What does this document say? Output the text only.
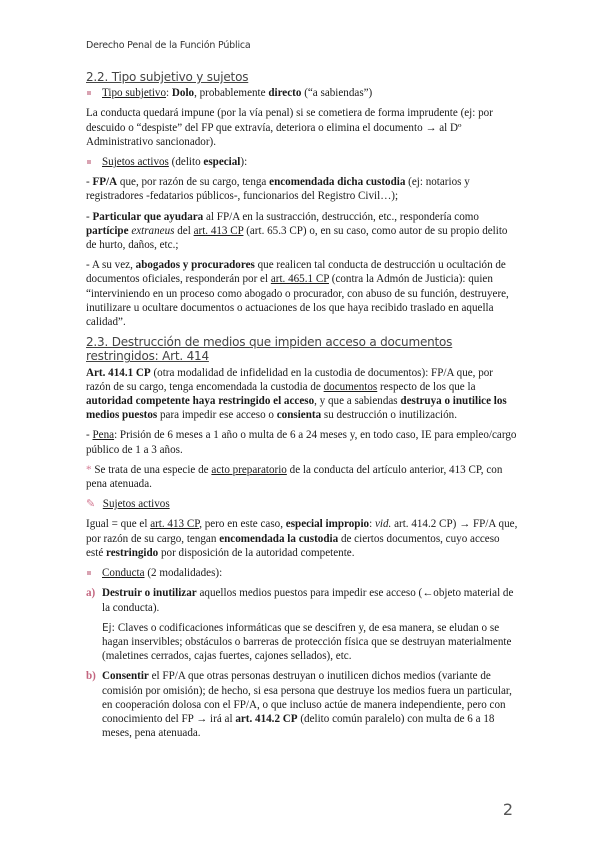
Derecho Penal de la Función Pública
2.2. Tipo subjetivo y sujetos
Tipo subjetivo: Dolo, probablemente directo (“a sabiendas”)
La conducta quedará impune (por la vía penal) si se cometiera de forma imprudente (ej: por descuido o “despiste” del FP que extravía, deteriora o elimina el documento → al Dº Administrativo sancionador).
Sujetos activos (delito especial):
- FP/A que, por razón de su cargo, tenga encomendada dicha custodia (ej: notarios y registradores -fedatarios públicos-, funcionarios del Registro Civil…);
- Particular que ayudara al FP/A en la sustracción, destrucción, etc., respondería como partícipe extraneus del art. 413 CP (art. 65.3 CP) o, en su caso, como autor de su propio delito de hurto, daños, etc.;
- A su vez, abogados y procuradores que realicen tal conducta de destrucción u ocultación de documentos oficiales, responderán por el art. 465.1 CP (contra la Admón de Justicia): quien “interviniendo en un proceso como abogado o procurador, con abuso de su función, destruyere, inutilizare u ocultare documentos o actuaciones de los que haya recibido traslado en aquella calidad”.
2.3. Destrucción de medios que impiden acceso a documentos restringidos: Art. 414
Art. 414.1 CP (otra modalidad de infidelidad en la custodia de documentos): FP/A que, por razón de su cargo, tenga encomendada la custodia de documentos respecto de los que la autoridad competente haya restringido el acceso, y que a sabiendas destruya o inutilice los medios puestos para impedir ese acceso o consienta su destrucción o inutilización.
- Pena: Prisión de 6 meses a 1 año o multa de 6 a 24 meses y, en todo caso, IE para empleo/cargo público de 1 a 3 años.
* Se trata de una especie de acto preparatorio de la conducta del artículo anterior, 413 CP, con pena atenuada.
✎ Sujetos activos
Igual = que el art. 413 CP, pero en este caso, especial impropio: vid. art. 414.2 CP) → FP/A que, por razón de su cargo, tengan encomendada la custodia de ciertos documentos, cuyo acceso esté restringido por disposición de la autoridad competente.
Conducta (2 modalidades):
a) Destruir o inutilizar aquellos medios puestos para impedir ese acceso (←objeto material de la conducta).
Ej: Claves o codificaciones informáticas que se descifren y, de esa manera, se eludan o se hagan inservibles; obstáculos o barreras de protección física que se destruyan materialmente (maletines cerrados, cajas fuertes, cajones sellados), etc.
b) Consentir el FP/A que otras personas destruyan o inutilicen dichos medios (variante de comisión por omisión); de hecho, si esa persona que destruye los medios fuera un particular, en cooperación dolosa con el FP/A, o que incluso actúe de manera independiente, pero con conocimiento del FP → irá al art. 414.2 CP (delito común paralelo) con multa de 6 a 18 meses, pena atenuada.
2
